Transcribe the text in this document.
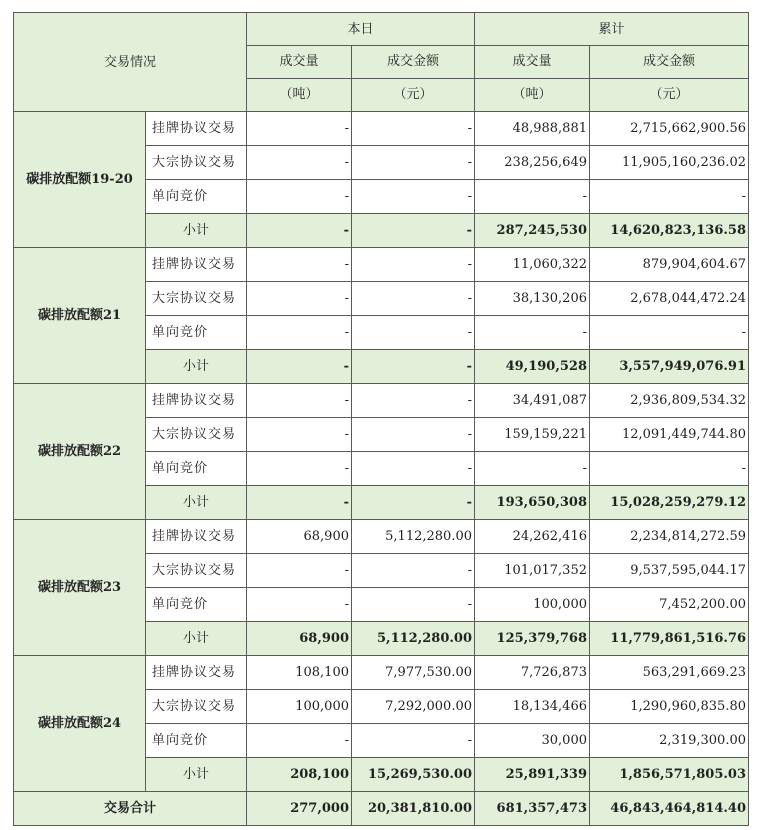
交易情况		本日		累计	
		成交量	成交金额	成交量	成交金额
		（吨）	（元）	（吨）	（元）
碳排放配额19-20	挂牌协议交易	-	-	48,988,881	2,715,662,900.56
	大宗协议交易	-	-	238,256,649	11,905,160,236.02
	单向竞价	-	-	-	-
	小计	-	-	287,245,530	14,620,823,136.58
碳排放配额21	挂牌协议交易	-	-	11,060,322	879,904,604.67
	大宗协议交易	-	-	38,130,206	2,678,044,472.24
	单向竞价	-	-	-	-
	小计	-	-	49,190,528	3,557,949,076.91
碳排放配额22	挂牌协议交易	-	-	34,491,087	2,936,809,534.32
	大宗协议交易	-	-	159,159,221	12,091,449,744.80
	单向竞价	-	-	-	-
	小计	-	-	193,650,308	15,028,259,279.12
碳排放配额23	挂牌协议交易	68,900	5,112,280.00	24,262,416	2,234,814,272.59
	大宗协议交易	-	-	101,017,352	9,537,595,044.17
	单向竞价	-	-	100,000	7,452,200.00
	小计	68,900	5,112,280.00	125,379,768	11,779,861,516.76
碳排放配额24	挂牌协议交易	108,100	7,977,530.00	7,726,873	563,291,669.23
	大宗协议交易	100,000	7,292,000.00	18,134,466	1,290,960,835.80
	单向竞价	-	-	30,000	2,319,300.00
	小计	208,100	15,269,530.00	25,891,339	1,856,571,805.03
交易合计		277,000	20,381,810.00	681,357,473	46,843,464,814.40
